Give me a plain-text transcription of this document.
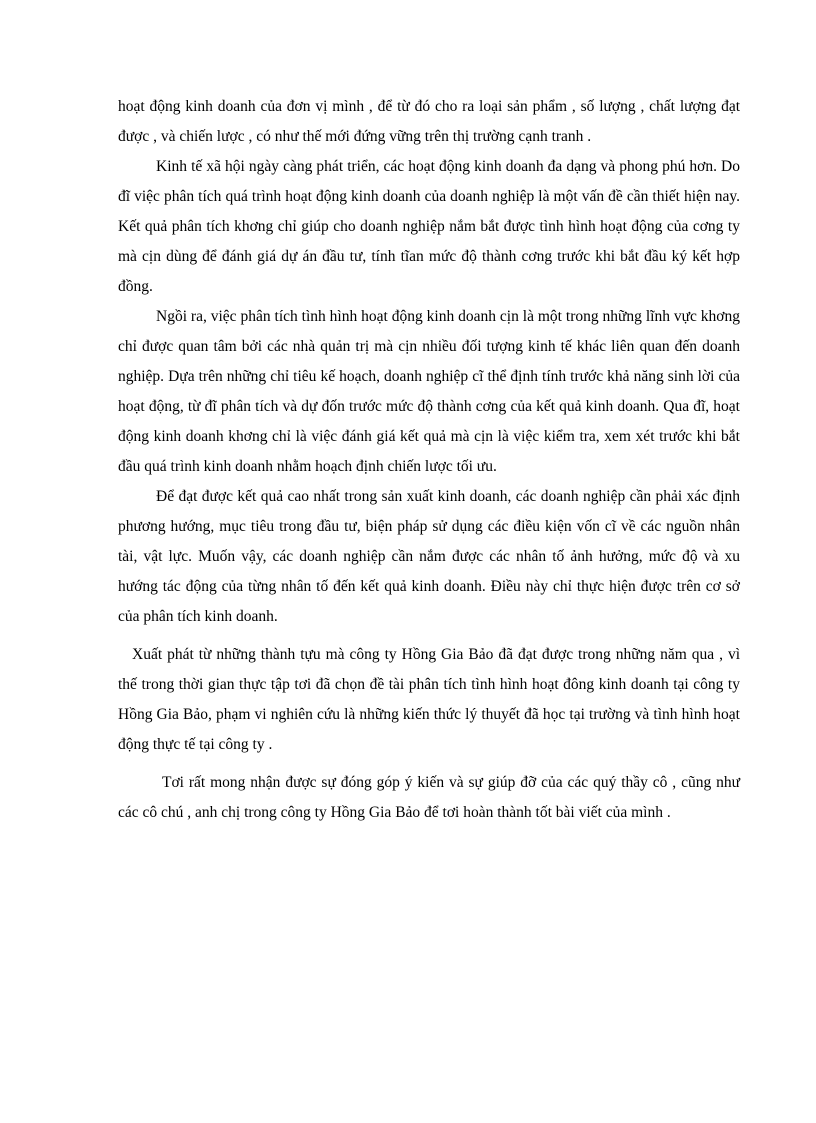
hoạt động kinh doanh của đơn vị mình , để từ đó cho ra loại sản phẩm , số lượng , chất lượng đạt được , và chiến lược , có như thế mới đứng vững trên thị trường cạnh tranh .

Kinh tế xã hội ngày càng phát triển, các hoạt động kinh doanh đa dạng và phong phú hơn. Do đĩ việc phân tích quá trình hoạt động kinh doanh của doanh nghiệp là một vấn đề cần thiết hiện nay. Kết quả phân tích khơng chỉ giúp cho doanh nghiệp nắm bắt được tình hình hoạt động của cơng ty mà cịn dùng để đánh giá dự án đầu tư, tính tĩan mức độ thành cơng trước khi bắt đầu ký kết hợp đồng.

Ngồi ra, việc phân tích tình hình hoạt động kinh doanh cịn là một trong những lĩnh vực khơng chỉ được quan tâm bởi các nhà quản trị mà cịn nhiều đối tượng kinh tế khác liên quan đến doanh nghiệp. Dựa trên những chỉ tiêu kế hoạch, doanh nghiệp cĩ thể định tính trước khả năng sinh lời của hoạt động, từ đĩ phân tích và dự đốn trước mức độ thành cơng của kết quả kinh doanh. Qua đĩ, hoạt động kinh doanh khơng chỉ là việc đánh giá kết quả mà cịn là việc kiểm tra, xem xét trước khi bắt đầu quá trình kinh doanh nhằm hoạch định chiến lược tối ưu.

Để đạt được kết quả cao nhất trong sản xuất kinh doanh, các doanh nghiệp cần phải xác định phương hướng, mục tiêu trong đầu tư, biện pháp sử dụng các điều kiện vốn cĩ về các nguồn nhân tài, vật lực. Muốn vậy, các doanh nghiệp cần nắm được các nhân tố ảnh hưởng, mức độ và xu hướng tác động của từng nhân tố đến kết quả kinh doanh. Điều này chỉ thực hiện được trên cơ sở của phân tích kinh doanh.

Xuất phát từ những thành tựu mà công ty Hồng Gia Bảo đã đạt được trong những năm qua , vì thế trong thời gian thực tập tơi đã chọn đề tài phân tích tình hình hoạt đông kinh doanh tại công ty Hồng Gia Bảo, phạm vi nghiên cứu là những kiến thức lý thuyết đã học tại trường và tình hình hoạt động thực tế tại công ty .

Tơi rất mong nhận được sự đóng góp ý kiến và sự giúp đỡ của các quý thầy cô , cũng như các cô chú , anh chị trong công ty Hồng Gia Bảo để tơi hoàn thành tốt bài viết của mình .
